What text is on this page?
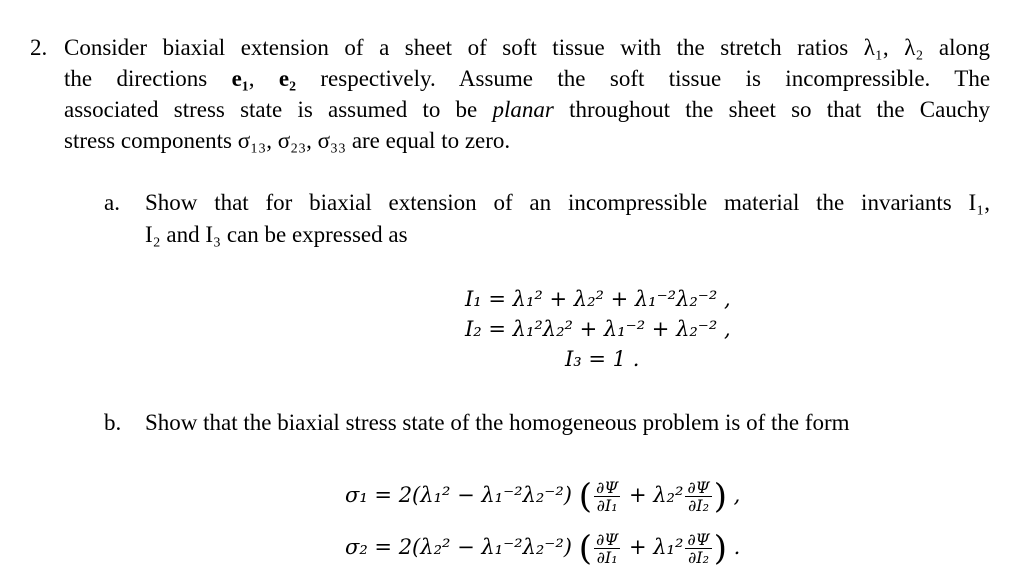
2. Consider biaxial extension of a sheet of soft tissue with the stretch ratios λ₁, λ₂ along
the directions e₁, e₂ respectively. Assume the soft tissue is incompressible. The
associated stress state is assumed to be planar throughout the sheet so that the Cauchy
stress components σ₁₃, σ₂₃, σ₃₃ are equal to zero.
a. Show that for biaxial extension of an incompressible material the invariants I₁,
I₂ and I₃ can be expressed as
I₁ = λ₁² + λ₂² + λ₁⁻²λ₂⁻² ,
I₂ = λ₁²λ₂² + λ₁⁻² + λ₂⁻² ,
I₃ = 1 .
b. Show that the biaxial stress state of the homogeneous problem is of the form
σ₁ = 2(λ₁² − λ₁⁻²λ₂⁻²) ( $\frac{\partial\Psi}{\text{∂I₁}} + \lambda_2^2 \frac{\partial\Psi}{\text{∂I₂}}$ ) ,
σ₂ = 2(λ₂² − λ₁⁻²λ₂⁻²) ( $\frac{\partial\Psi}{\text{∂I₁}} + \lambda_1^2 \frac{\partial\Psi}{\text{∂I₂}}$ ) .
